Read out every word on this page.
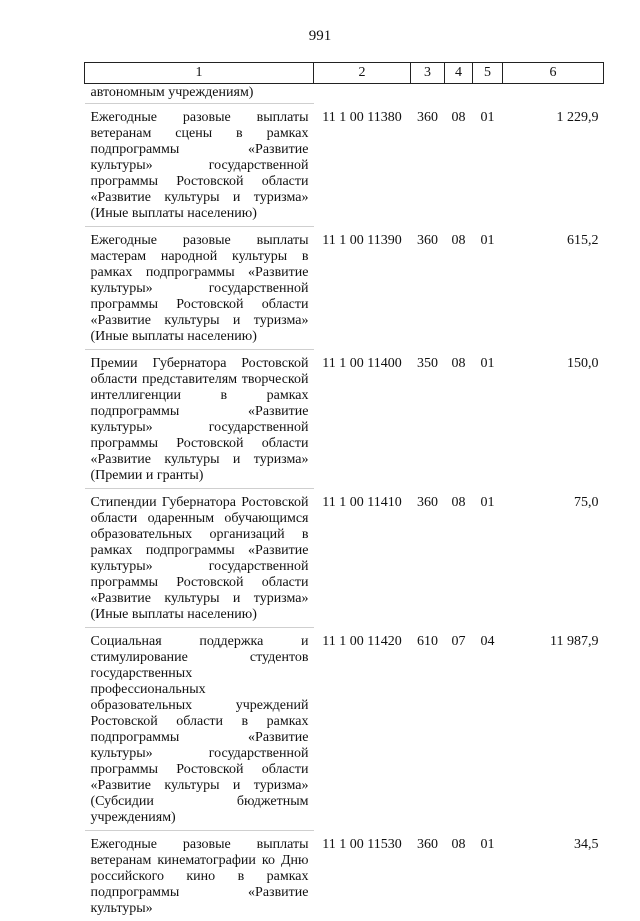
991
1	2	3	4	5	6
автономным учреждениям)					
Ежегодные разовые выплаты ветеранам сцены в рамках подпрограммы «Развитие культуры» государственной программы Ростовской области «Развитие культуры и туризма» (Иные выплаты населению)	11 1 00 11380	360	08	01	1 229,9
Ежегодные разовые выплаты мастерам народной культуры в рамках подпрограммы «Развитие культуры» государственной программы Ростовской области «Развитие культуры и туризма» (Иные выплаты населению)	11 1 00 11390	360	08	01	615,2
Премии Губернатора Ростовской области представителям творческой интеллигенции в рамках подпрограммы «Развитие культуры» государственной программы Ростовской области «Развитие культуры и туризма» (Премии и гранты)	11 1 00 11400	350	08	01	150,0
Стипендии Губернатора Ростовской области одаренным обучающимся образовательных организаций в рамках подпрограммы «Развитие культуры» государственной программы Ростовской области «Развитие культуры и туризма» (Иные выплаты населению)	11 1 00 11410	360	08	01	75,0
Социальная поддержка и стимулирование студентов государственных профессиональных образовательных учреждений Ростовской области в рамках подпрограммы «Развитие культуры» государственной программы Ростовской области «Развитие культуры и туризма» (Субсидии бюджетным учреждениям)	11 1 00 11420	610	07	04	11 987,9
Ежегодные разовые выплаты ветеранам кинематографии ко Дню российского кино в рамках подпрограммы «Развитие культуры»	11 1 00 11530	360	08	01	34,5
